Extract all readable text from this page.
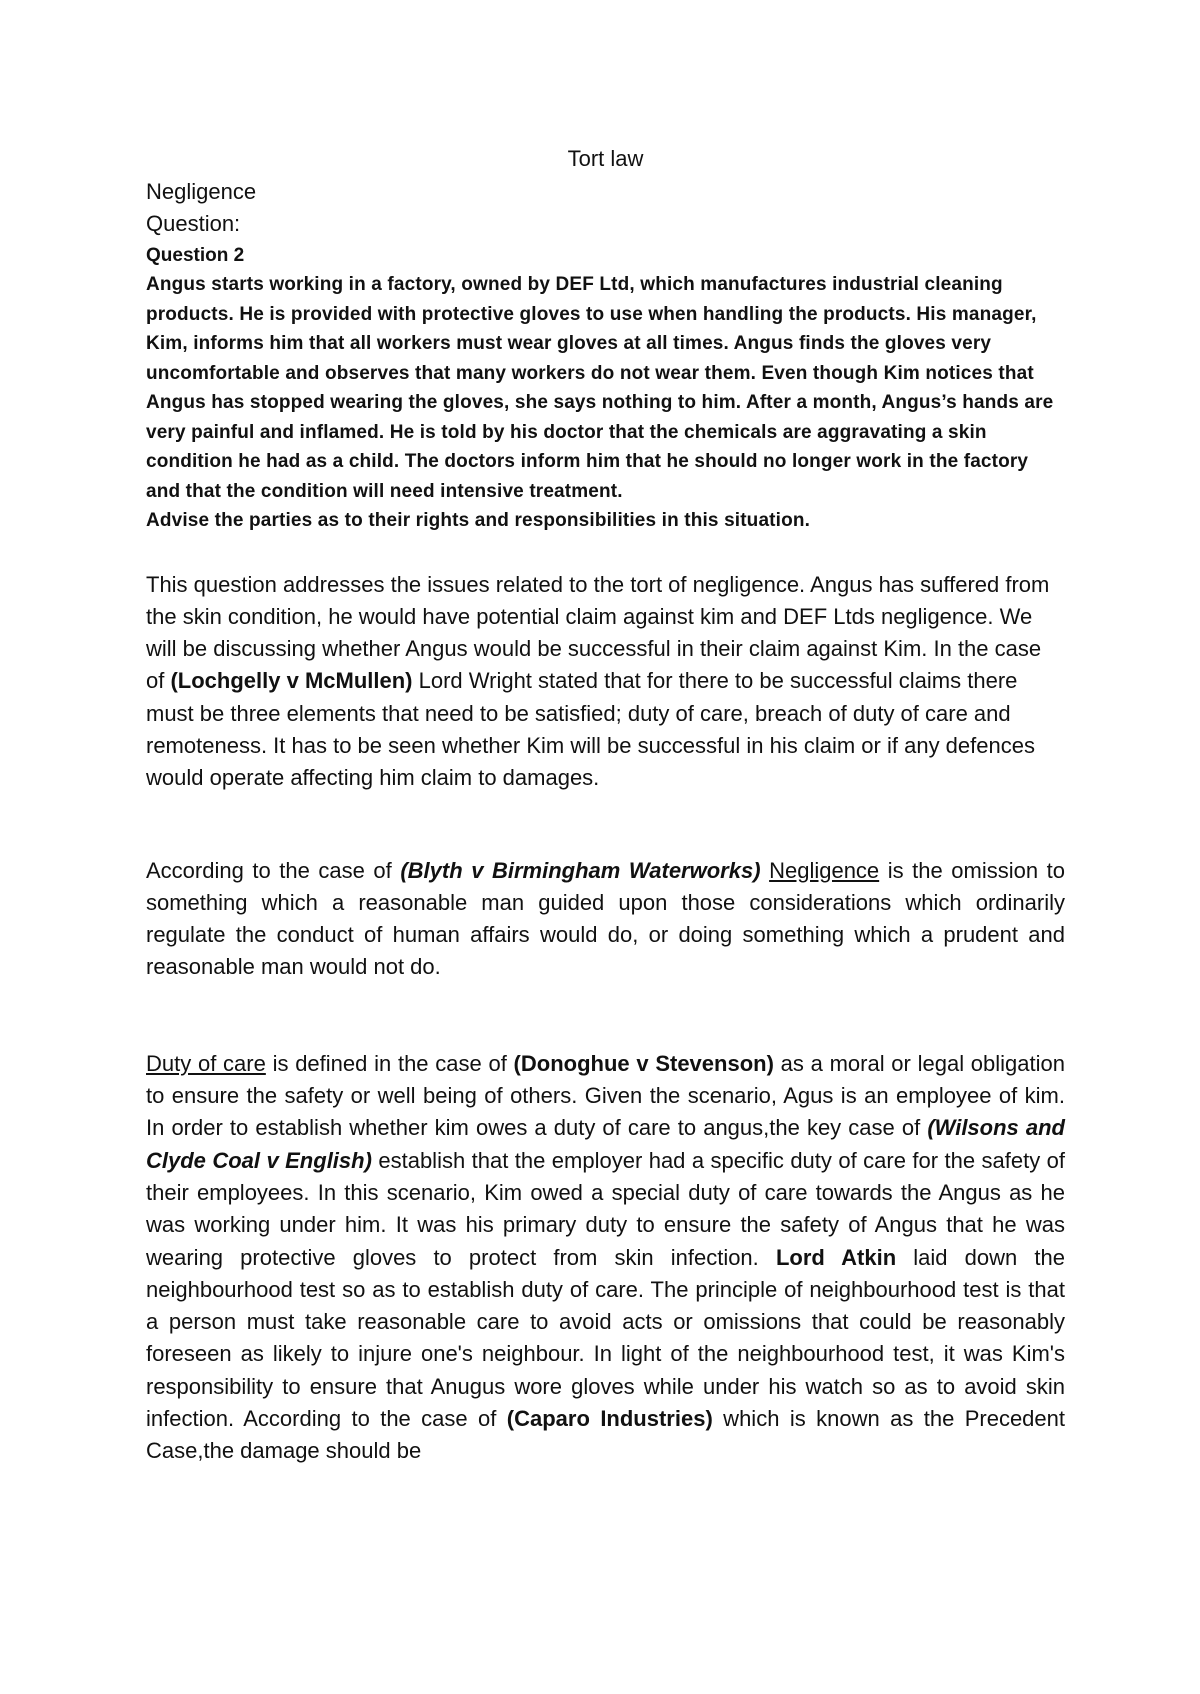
Tort law
Negligence
Question:
Question 2

Angus starts working in a factory, owned by DEF Ltd, which manufactures industrial cleaning products. He is provided with protective gloves to use when handling the products. His manager, Kim, informs him that all workers must wear gloves at all times. Angus finds the gloves very uncomfortable and observes that many workers do not wear them. Even though Kim notices that Angus has stopped wearing the gloves, she says nothing to him. After a month, Angus’s hands are very painful and inflamed. He is told by his doctor that the chemicals are aggravating a skin condition he had as a child. The doctors inform him that he should no longer work in the factory and that the condition will need intensive treatment.

Advise the parties as to their rights and responsibilities in this situation.

This question addresses the issues related to the tort of negligence. Angus has suffered from the skin condition, he would have potential claim against kim and DEF Ltds negligence. We will be discussing whether Angus would be successful in their claim against Kim. In the case of (Lochgelly v McMullen) Lord Wright stated that for there to be successful claims there must be three elements that need to be satisfied; duty of care, breach of duty of care and remoteness. It has to be seen whether Kim will be successful in his claim or if any defences would operate affecting him claim to damages.

According to the case of (Blyth v Birmingham Waterworks) Negligence is the omission to something which a reasonable man guided upon those considerations which ordinarily regulate the conduct of human affairs would do, or doing something which a prudent and reasonable man would not do.

Duty of care is defined in the case of (Donoghue v Stevenson) as a moral or legal obligation to ensure the safety or well being of others. Given the scenario, Agus is an employee of kim. In order to establish whether kim owes a duty of care to angus,the key case of (Wilsons and Clyde Coal v English) establish that the employer had a specific duty of care for the safety of their employees. In this scenario, Kim owed a special duty of care towards the Angus as he was working under him. It was his primary duty to ensure the safety of Angus that he was wearing protective gloves to protect from skin infection. Lord Atkin laid down the neighbourhood test so as to establish duty of care. The principle of neighbourhood test is that a person must take reasonable care to avoid acts or omissions that could be reasonably foreseen as likely to injure one's neighbour. In light of the neighbourhood test, it was Kim's responsibility to ensure that Anugus wore gloves while under his watch so as to avoid skin infection. According to the case of (Caparo Industries) which is known as the Precedent Case,the damage should be
